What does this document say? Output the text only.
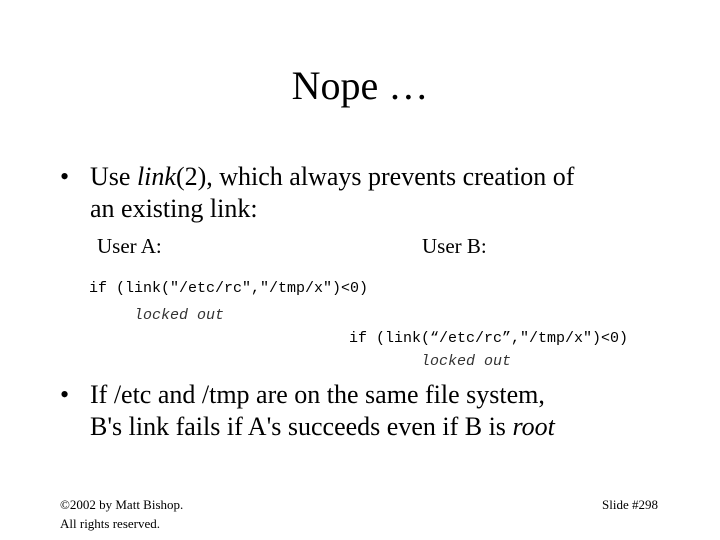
Nope …
• Use link(2), which always prevents creation of
an existing link:
User A:	User B:
if (link("/etc/rc","/tmp/x")<0)
locked out
if (link(“/etc/rc”,"/tmp/x")<0)
locked out
• If /etc and /tmp are on the same file system,
B's link fails if A's succeeds even if B is root
©2002 by Matt Bishop.
All rights reserved.
Slide #298
